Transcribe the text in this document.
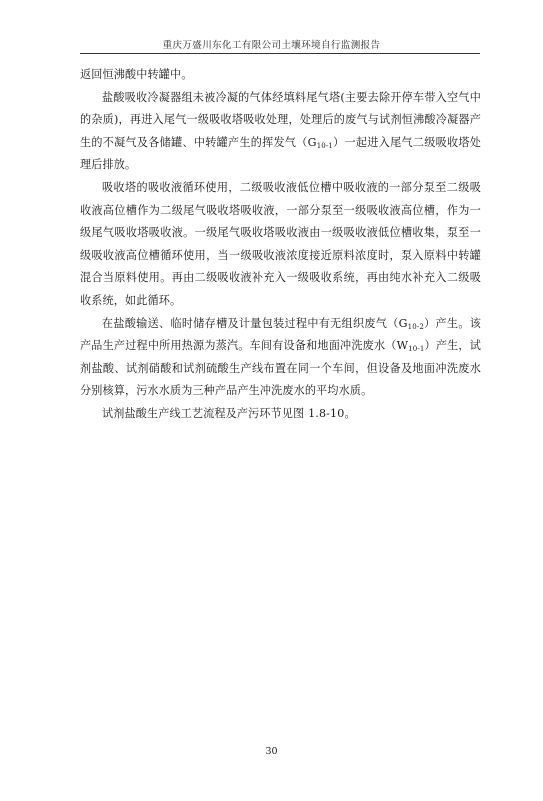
重庆万盛川东化工有限公司土壤环境自行监测报告

返回恒沸酸中转罐中。

盐酸吸收冷凝器组未被冷凝的气体经填料尾气塔(主要去除开停车带入空气中的杂质)，再进入尾气一级吸收塔吸收处理，处理后的废气与试剂恒沸酸冷凝器产生的不凝气及各储罐、中转罐产生的挥发气$(G_{10-1})$一起进入尾气二级吸收塔处理后排放。

吸收塔的吸收液循环使用，二级吸收液低位槽中吸收液的一部分泵至二级吸收液高位槽作为二级尾气吸收塔吸收液，一部分泵至一级吸收液高位槽，作为一级尾气吸收塔吸收液。一级尾气吸收塔吸收液由一级吸收液低位槽收集，泵至一级吸收液高位槽循环使用，当一级吸收液浓度接近原料浓度时，泵入原料中转罐混合当原料使用。再由二级吸收液补充入一级吸收系统，再由纯水补充入二级吸收系统，如此循环。

在盐酸输送、临时储存槽及计量包装过程中有无组织废气$(G_{10-2})$产生。该产品生产过程中所用热源为蒸汽。车间有设备和地面冲洗废水$(W_{10-1})$产生，试剂盐酸、试剂硝酸和试剂硫酸生产线布置在同一个车间，但设备及地面冲洗废水分别核算，污水水质为三种产品产生冲洗废水的平均水质。

试剂盐酸生产线工艺流程及产污环节见图 1.8-10。

30
